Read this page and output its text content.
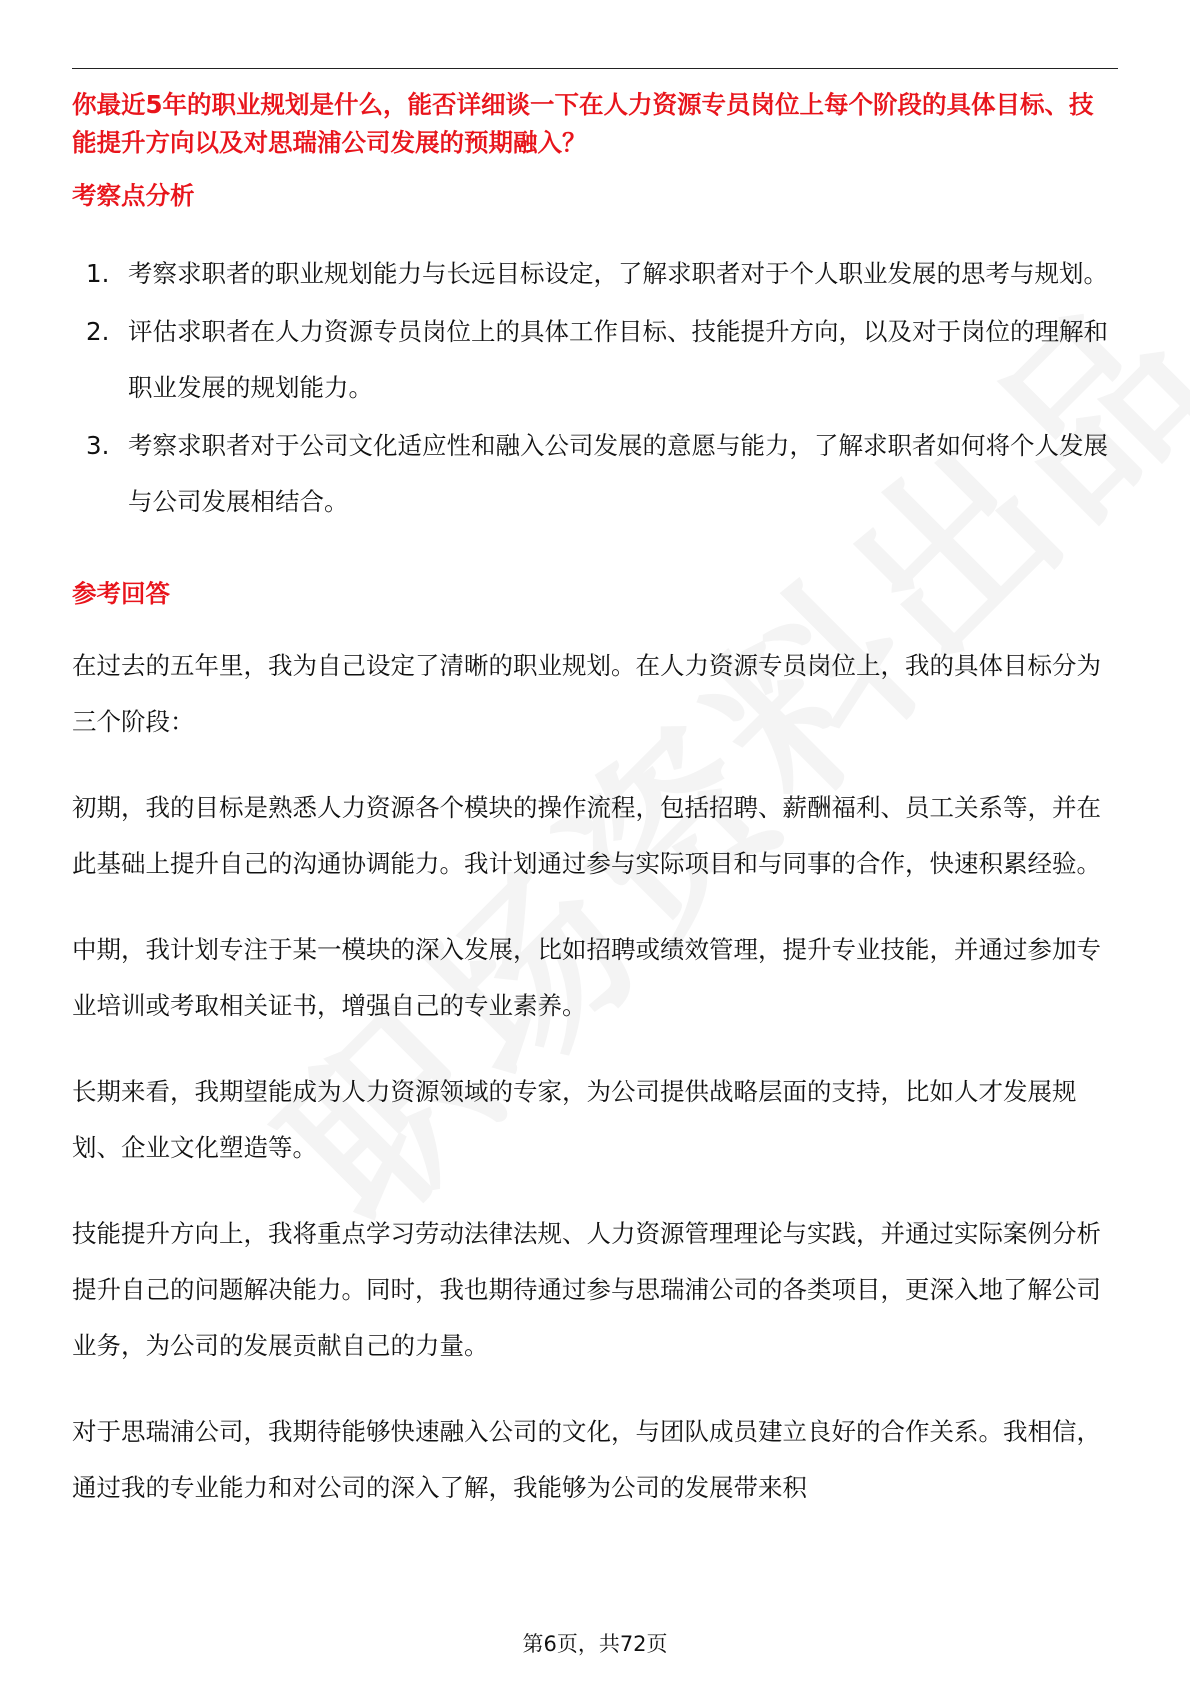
你最近5年的职业规划是什么，能否详细谈一下在人力资源专员岗位上每个阶段的具体目标、技能提升方向以及对思瑞浦公司发展的预期融入？

考察点分析

1. 考察求职者的职业规划能力与长远目标设定，了解求职者对于个人职业发展的思考与规划。
2. 评估求职者在人力资源专员岗位上的具体工作目标、技能提升方向，以及对于岗位的理解和职业发展的规划能力。
3. 考察求职者对于公司文化适应性和融入公司发展的意愿与能力，了解求职者如何将个人发展与公司发展相结合。

参考回答

在过去的五年里，我为自己设定了清晰的职业规划。在人力资源专员岗位上，我的具体目标分为三个阶段：

初期，我的目标是熟悉人力资源各个模块的操作流程，包括招聘、薪酬福利、员工关系等，并在此基础上提升自己的沟通协调能力。我计划通过参与实际项目和与同事的合作，快速积累经验。

中期，我计划专注于某一模块的深入发展，比如招聘或绩效管理，提升专业技能，并通过参加专业培训或考取相关证书，增强自己的专业素养。

长期来看，我期望能成为人力资源领域的专家，为公司提供战略层面的支持，比如人才发展规划、企业文化塑造等。

技能提升方向上，我将重点学习劳动法律法规、人力资源管理理论与实践，并通过实际案例分析提升自己的问题解决能力。同时，我也期待通过参与思瑞浦公司的各类项目，更深入地了解公司业务，为公司的发展贡献自己的力量。

对于思瑞浦公司，我期待能够快速融入公司的文化，与团队成员建立良好的合作关系。我相信，通过我的专业能力和对公司的深入了解，我能够为公司的发展带来积

第6页，共72页
